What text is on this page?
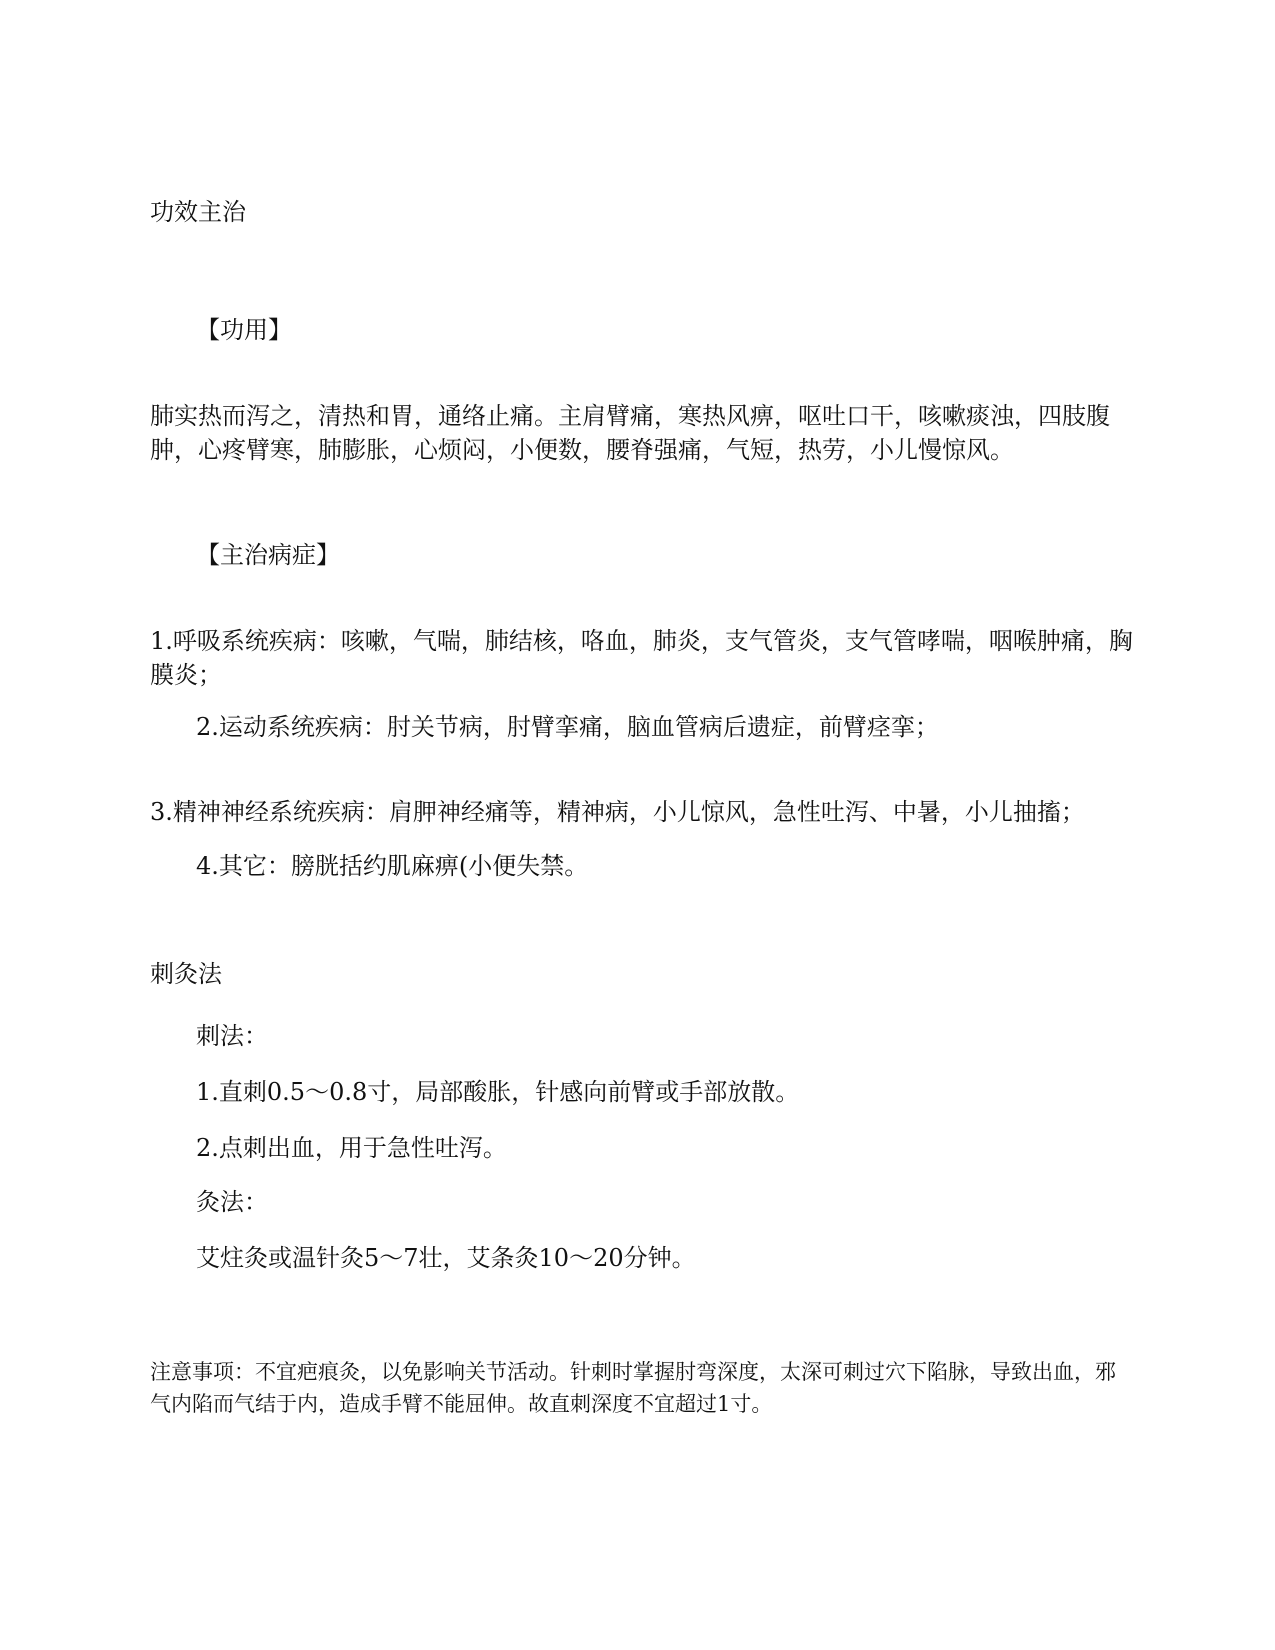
功效主治
【功用】

肺实热而泻之，清热和胃，通络止痛。主肩臂痛，寒热风痹，呕吐口干，咳嗽痰浊，四肢腹肿，心疼臂寒，肺膨胀，心烦闷，小便数，腰脊强痛，气短，热劳，小儿慢惊风。

【主治病症】

1.呼吸系统疾病：咳嗽，气喘，肺结核，咯血，肺炎，支气管炎，支气管哮喘，咽喉肿痛，胸膜炎；

2.运动系统疾病：肘关节病，肘臂挛痛，脑血管病后遗症，前臂痉挛；
3.精神神经系统疾病：肩胛神经痛等，精神病，小儿惊风，急性吐泻、中暑，小儿抽搐；
4.其它：膀胱括约肌麻痹(小便失禁。
刺灸法
刺法：
1.直刺0.5～0.8寸，局部酸胀，针感向前臂或手部放散。
2.点刺出血，用于急性吐泻。
灸法：
艾炷灸或温针灸5～7壮，艾条灸10～20分钟。

注意事项：不宜疤痕灸，以免影响关节活动。针刺时掌握肘弯深度，太深可刺过穴下陷脉，导致出血，邪气内陷而气结于内，造成手臂不能屈伸。故直刺深度不宜超过1寸。
